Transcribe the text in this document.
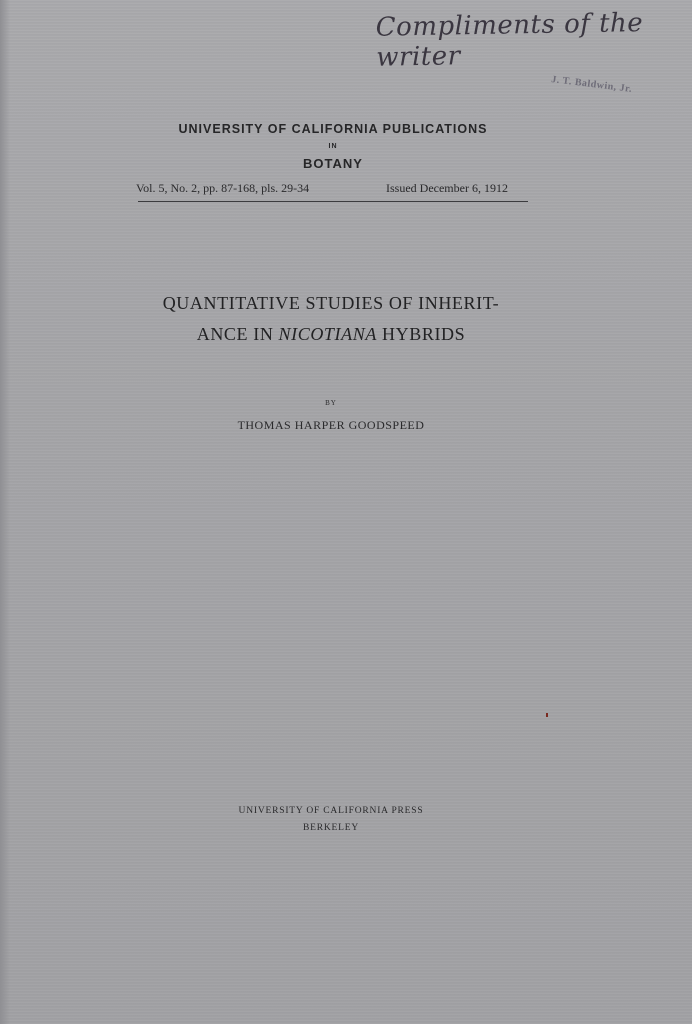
Compliments of the writer
J. T. Baldwin, Jr.
UNIVERSITY OF CALIFORNIA PUBLICATIONS
IN
BOTANY
Vol. 5, No. 2, pp. 87-168, pls. 29-34	Issued December 6, 1912
QUANTITATIVE STUDIES OF INHERIT-
ANCE IN NICOTIANA HYBRIDS
BY
THOMAS HARPER GOODSPEED
UNIVERSITY OF CALIFORNIA PRESS
BERKELEY
